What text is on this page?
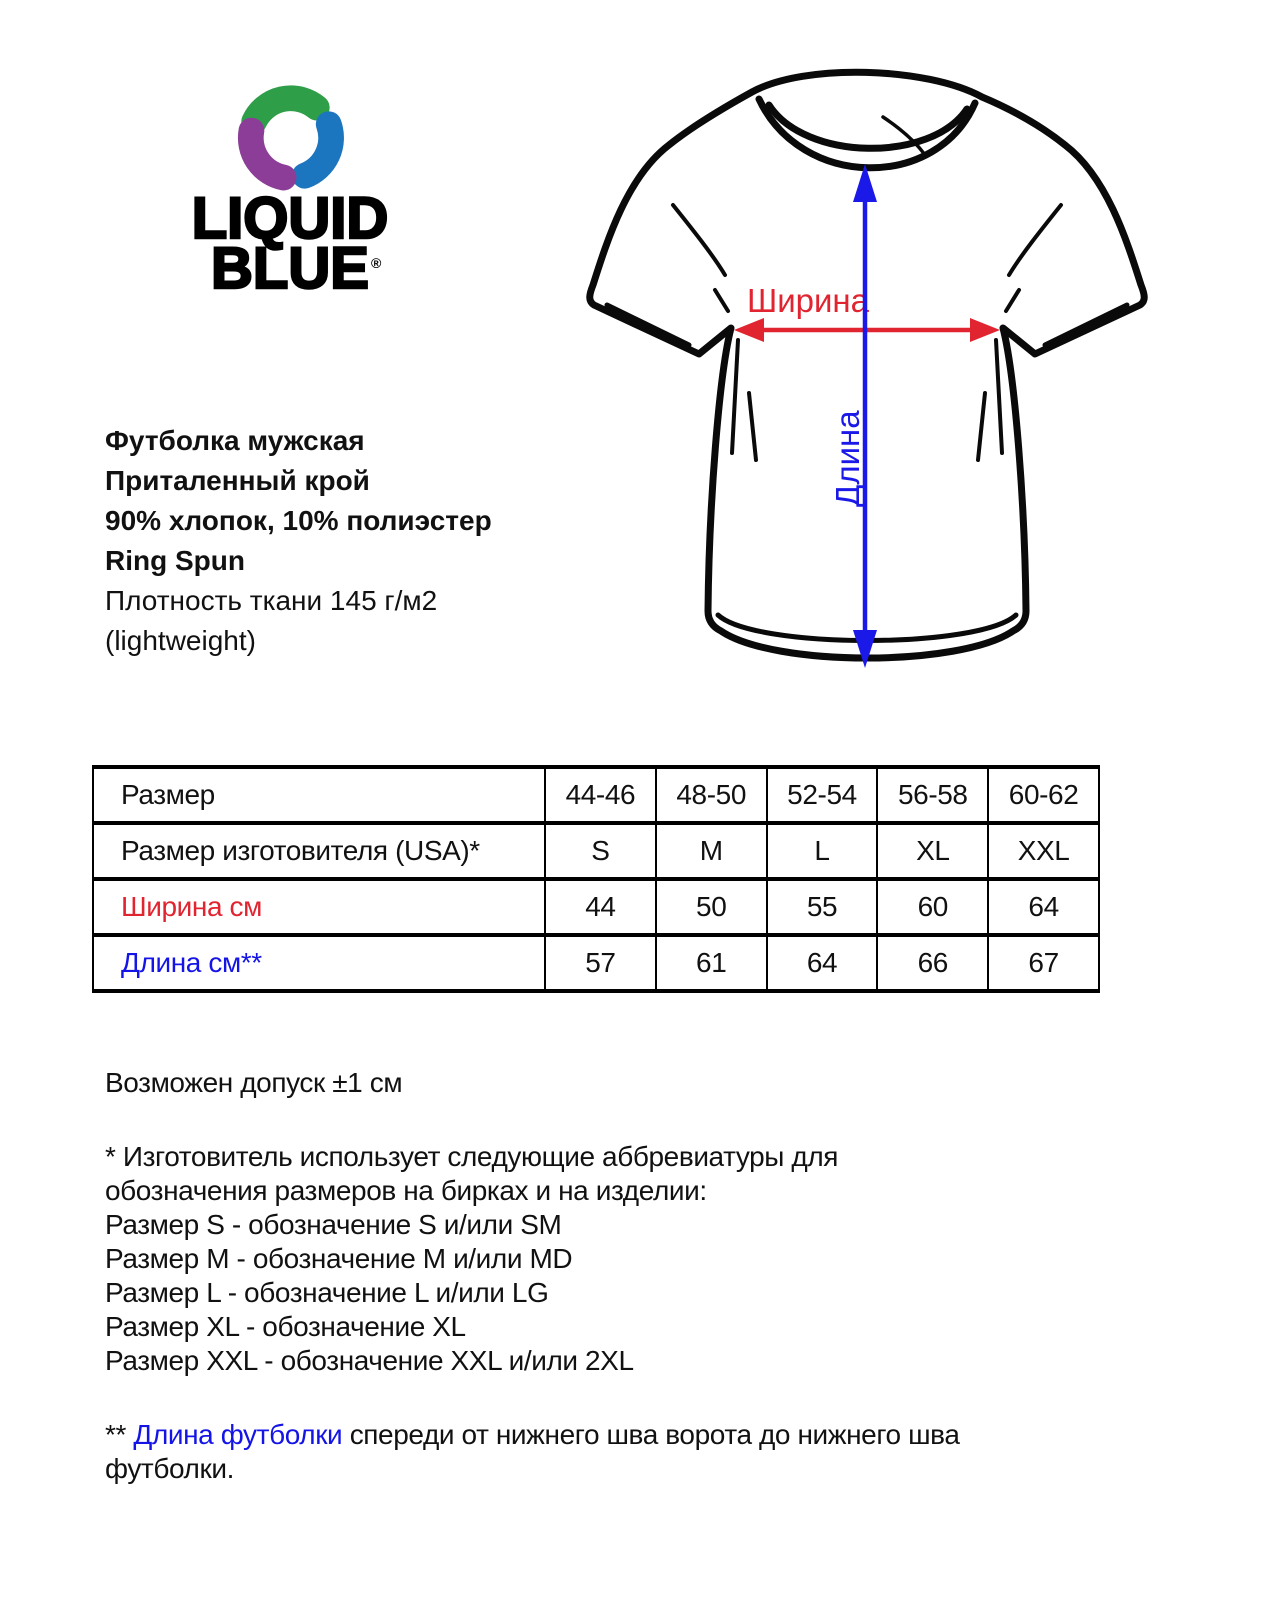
LIQUID
BLUE ®
Футболка мужская
Приталенный крой
90% хлопок, 10% полиэстер
Ring Spun
Плотность ткани 145 г/м2
(lightweight)
Ширина
Длина
Размер	44-46	48-50	52-54	56-58	60-62
Размер изготовителя (USA)*	S	M	L	XL	XXL
Ширина см	44	50	55	60	64
Длина см**	57	61	64	66	67
Возможен допуск ±1 см
* Изготовитель использует следующие аббревиатуры для
обозначения размеров на бирках и на изделии:
Размер S - обозначение S и/или SM
Размер M - обозначение M и/или MD
Размер L - обозначение L и/или LG
Размер XL - обозначение XL
Размер XXL - обозначение XXL и/или 2XL
** Длина футболки спереди от нижнего шва ворота до нижнего шва
футболки.
